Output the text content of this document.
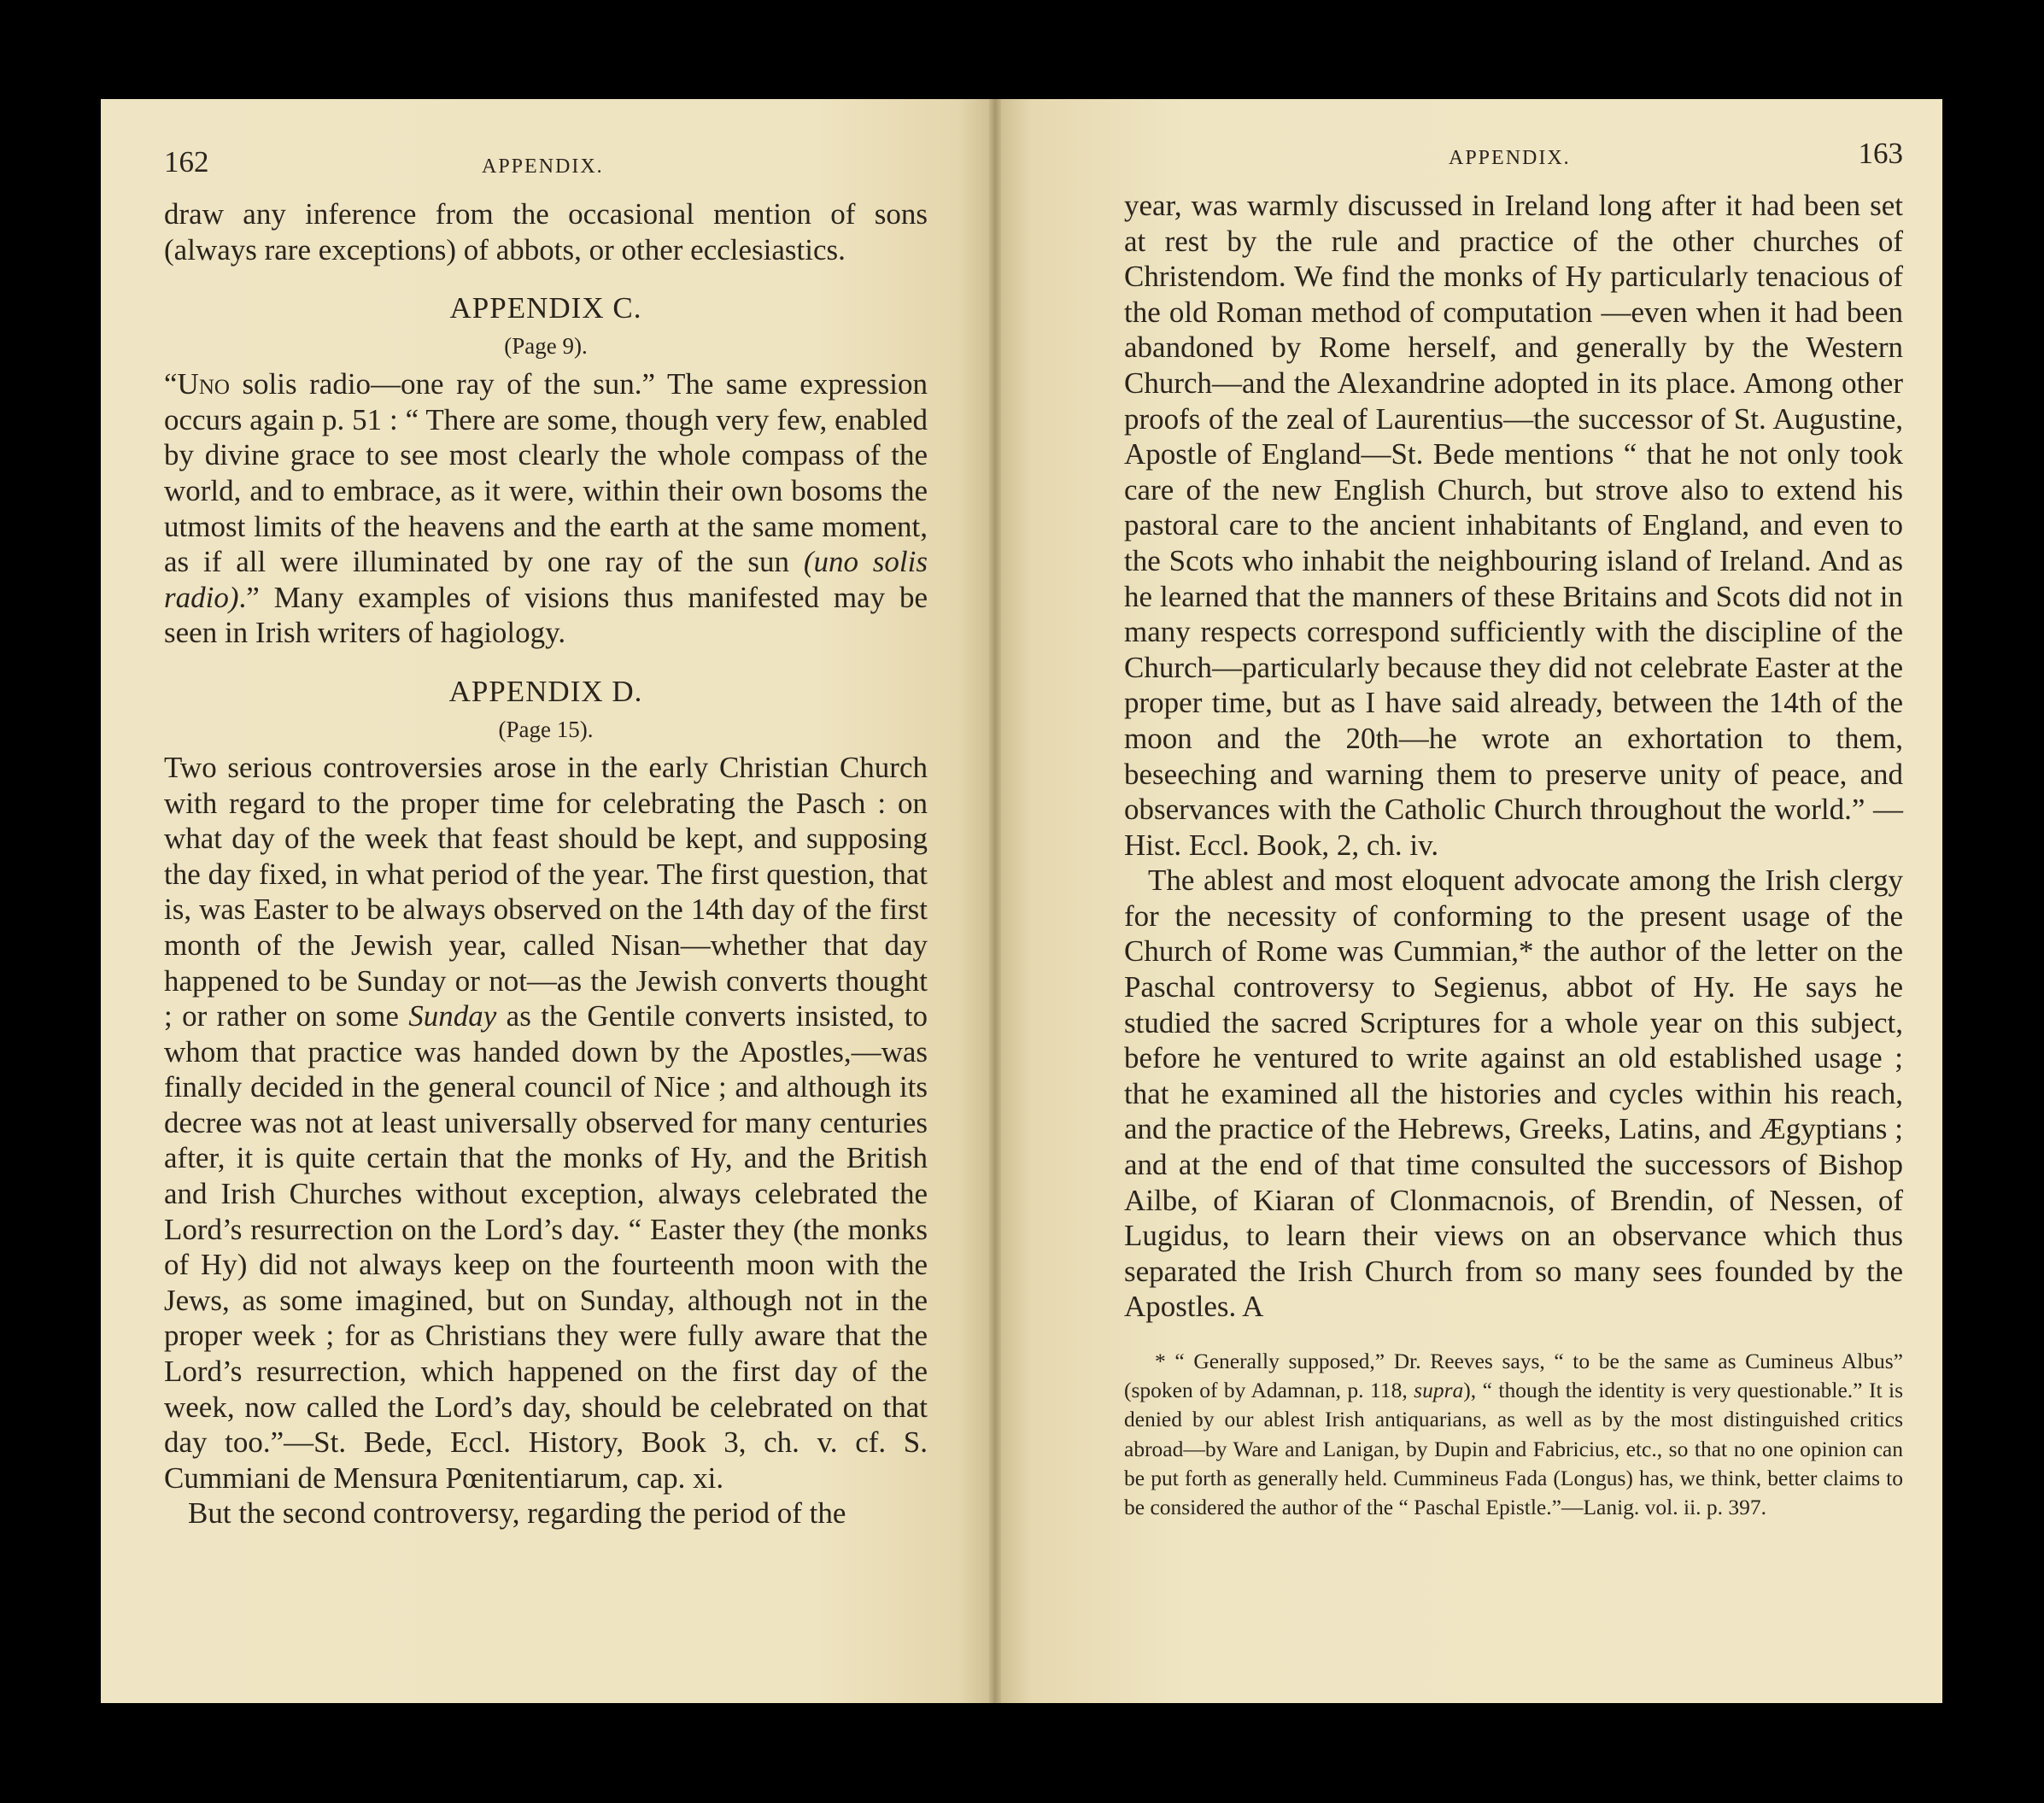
162	APPENDIX.

draw any inference from the occasional mention of sons (always rare exceptions) of abbots, or other ecclesiastics.

APPENDIX C.
(Page 9).

“Uno solis radio—one ray of the sun.” The same expression occurs again p. 51 : “ There are some, though very few, enabled by divine grace to see most clearly the whole compass of the world, and to embrace, as it were, within their own bosoms the utmost limits of the heavens and the earth at the same moment, as if all were illuminated by one ray of the sun (uno solis radio).” Many examples of visions thus manifested may be seen in Irish writers of hagiology.

APPENDIX D.
(Page 15).

Two serious controversies arose in the early Christian Church with regard to the proper time for celebrating the Pasch : on what day of the week that feast should be kept, and supposing the day fixed, in what period of the year. The first question, that is, was Easter to be always observed on the 14th day of the first month of the Jewish year, called Nisan—whether that day happened to be Sunday or not—as the Jewish converts thought ; or rather on some Sunday as the Gentile converts insisted, to whom that practice was handed down by the Apostles,—was finally decided in the general council of Nice ; and although its decree was not at least universally observed for many centuries after, it is quite certain that the monks of Hy, and the British and Irish Churches without exception, always celebrated the Lord’s resurrection on the Lord’s day. “ Easter they (the monks of Hy) did not always keep on the fourteenth moon with the Jews, as some imagined, but on Sunday, although not in the proper week ; for as Christians they were fully aware that the Lord’s resurrection, which happened on the first day of the week, now called the Lord’s day, should be celebrated on that day too.”—St. Bede, Eccl. History, Book 3, ch. v. cf. S. Cummiani de Mensura Pœnitentiarum, cap. xi.

But the second controversy, regarding the period of the

APPENDIX.	163

year, was warmly discussed in Ireland long after it had been set at rest by the rule and practice of the other churches of Christendom. We find the monks of Hy particularly tenacious of the old Roman method of computation —even when it had been abandoned by Rome herself, and generally by the Western Church—and the Alexandrine adopted in its place. Among other proofs of the zeal of Laurentius—the successor of St. Augustine, Apostle of England—St. Bede mentions “ that he not only took care of the new English Church, but strove also to extend his pastoral care to the ancient inhabitants of England, and even to the Scots who inhabit the neighbouring island of Ireland. And as he learned that the manners of these Britains and Scots did not in many respects correspond sufficiently with the discipline of the Church—particularly because they did not celebrate Easter at the proper time, but as I have said already, between the 14th of the moon and the 20th—he wrote an exhortation to them, beseeching and warning them to preserve unity of peace, and observances with the Catholic Church throughout the world.” —Hist. Eccl. Book, 2, ch. iv.

The ablest and most eloquent advocate among the Irish clergy for the necessity of conforming to the present usage of the Church of Rome was Cummian,* the author of the letter on the Paschal controversy to Segienus, abbot of Hy. He says he studied the sacred Scriptures for a whole year on this subject, before he ventured to write against an old established usage ; that he examined all the histories and cycles within his reach, and the practice of the Hebrews, Greeks, Latins, and Ægyptians ; and at the end of that time consulted the successors of Bishop Ailbe, of Kiaran of Clonmacnois, of Brendin, of Nessen, of Lugidus, to learn their views on an observance which thus separated the Irish Church from so many sees founded by the Apostles. A

* “ Generally supposed,” Dr. Reeves says, “ to be the same as Cumineus Albus” (spoken of by Adamnan, p. 118, supra), “ though the identity is very questionable.” It is denied by our ablest Irish antiquarians, as well as by the most distinguished critics abroad—by Ware and Lanigan, by Dupin and Fabricius, etc., so that no one opinion can be put forth as generally held. Cummineus Fada (Longus) has, we think, better claims to be considered the author of the “ Paschal Epistle.”—Lanig. vol. ii. p. 397.
